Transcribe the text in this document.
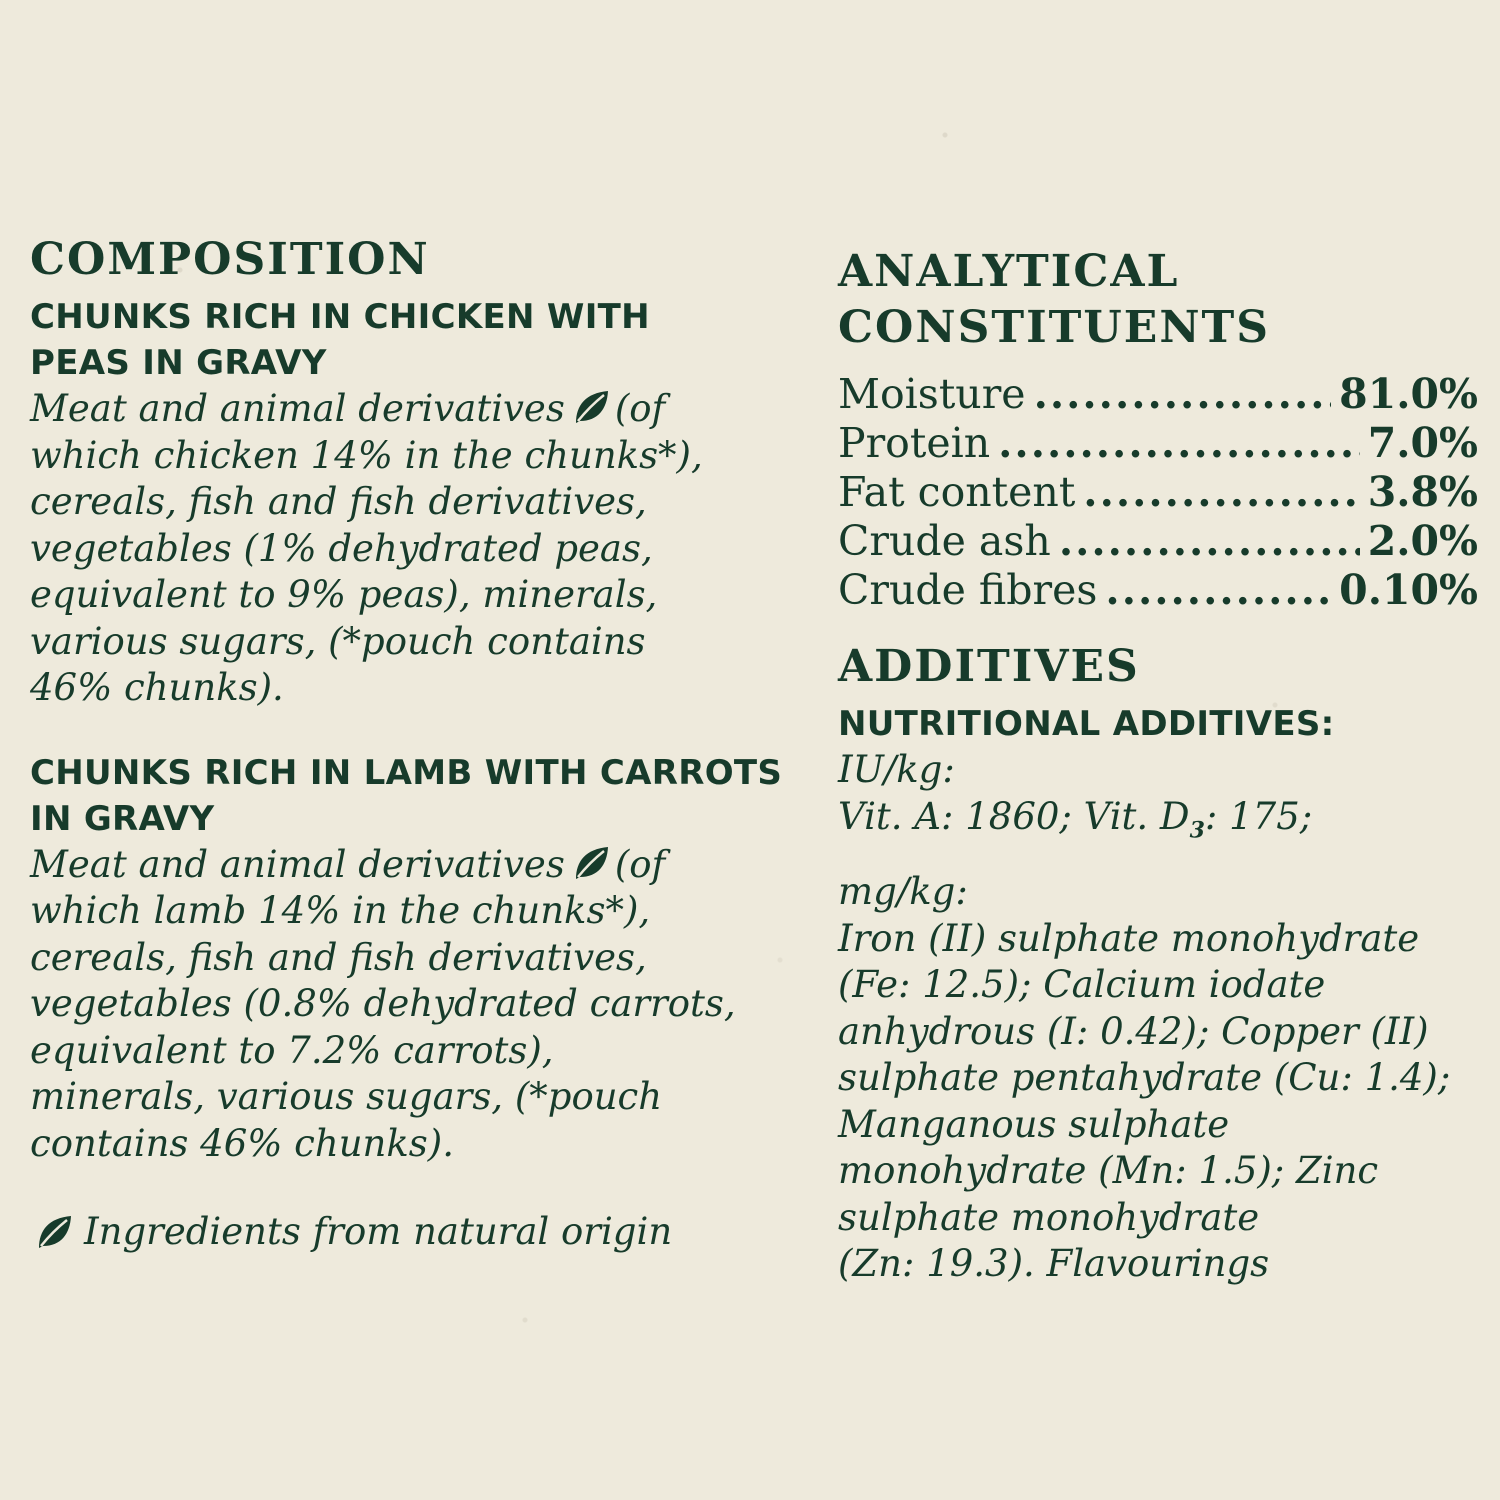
COMPOSITION

CHUNKS RICH IN CHICKEN WITH

PEAS IN GRAVY

Meat and animal derivatives (of

which chicken 14% in the chunks*),

cereals, fish and fish derivatives,

vegetables (1% dehydrated peas,

equivalent to 9% peas), minerals,

various sugars, (*pouch contains

46% chunks).

CHUNKS RICH IN LAMB WITH CARROTS

IN GRAVY

Meat and animal derivatives (of

which lamb 14% in the chunks*),

cereals, fish and fish derivatives,

vegetables (0.8% dehydrated carrots,

equivalent to 7.2% carrots),

minerals, various sugars, (*pouch

contains 46% chunks).

Ingredients from natural origin
ANALYTICAL
CONSTITUENTS
Moisture .....	81.0%
Protein .....	7.0%
Fat content .....	3.8%
Crude ash .....	2.0%
Crude fibres .....	0.10%
ADDITIVES

NUTRITIONAL ADDITIVES:

IU/kg:

Vit. A: 1860; Vit. $D_3$: 175;

mg/kg:

Iron (II) sulphate monohydrate

(Fe: 12.5); Calcium iodate

anhydrous (I: 0.42); Copper (II)

sulphate pentahydrate (Cu: 1.4);

Manganous sulphate

monohydrate (Mn: 1.5); Zinc

sulphate monohydrate

(Zn: 19.3). Flavourings
